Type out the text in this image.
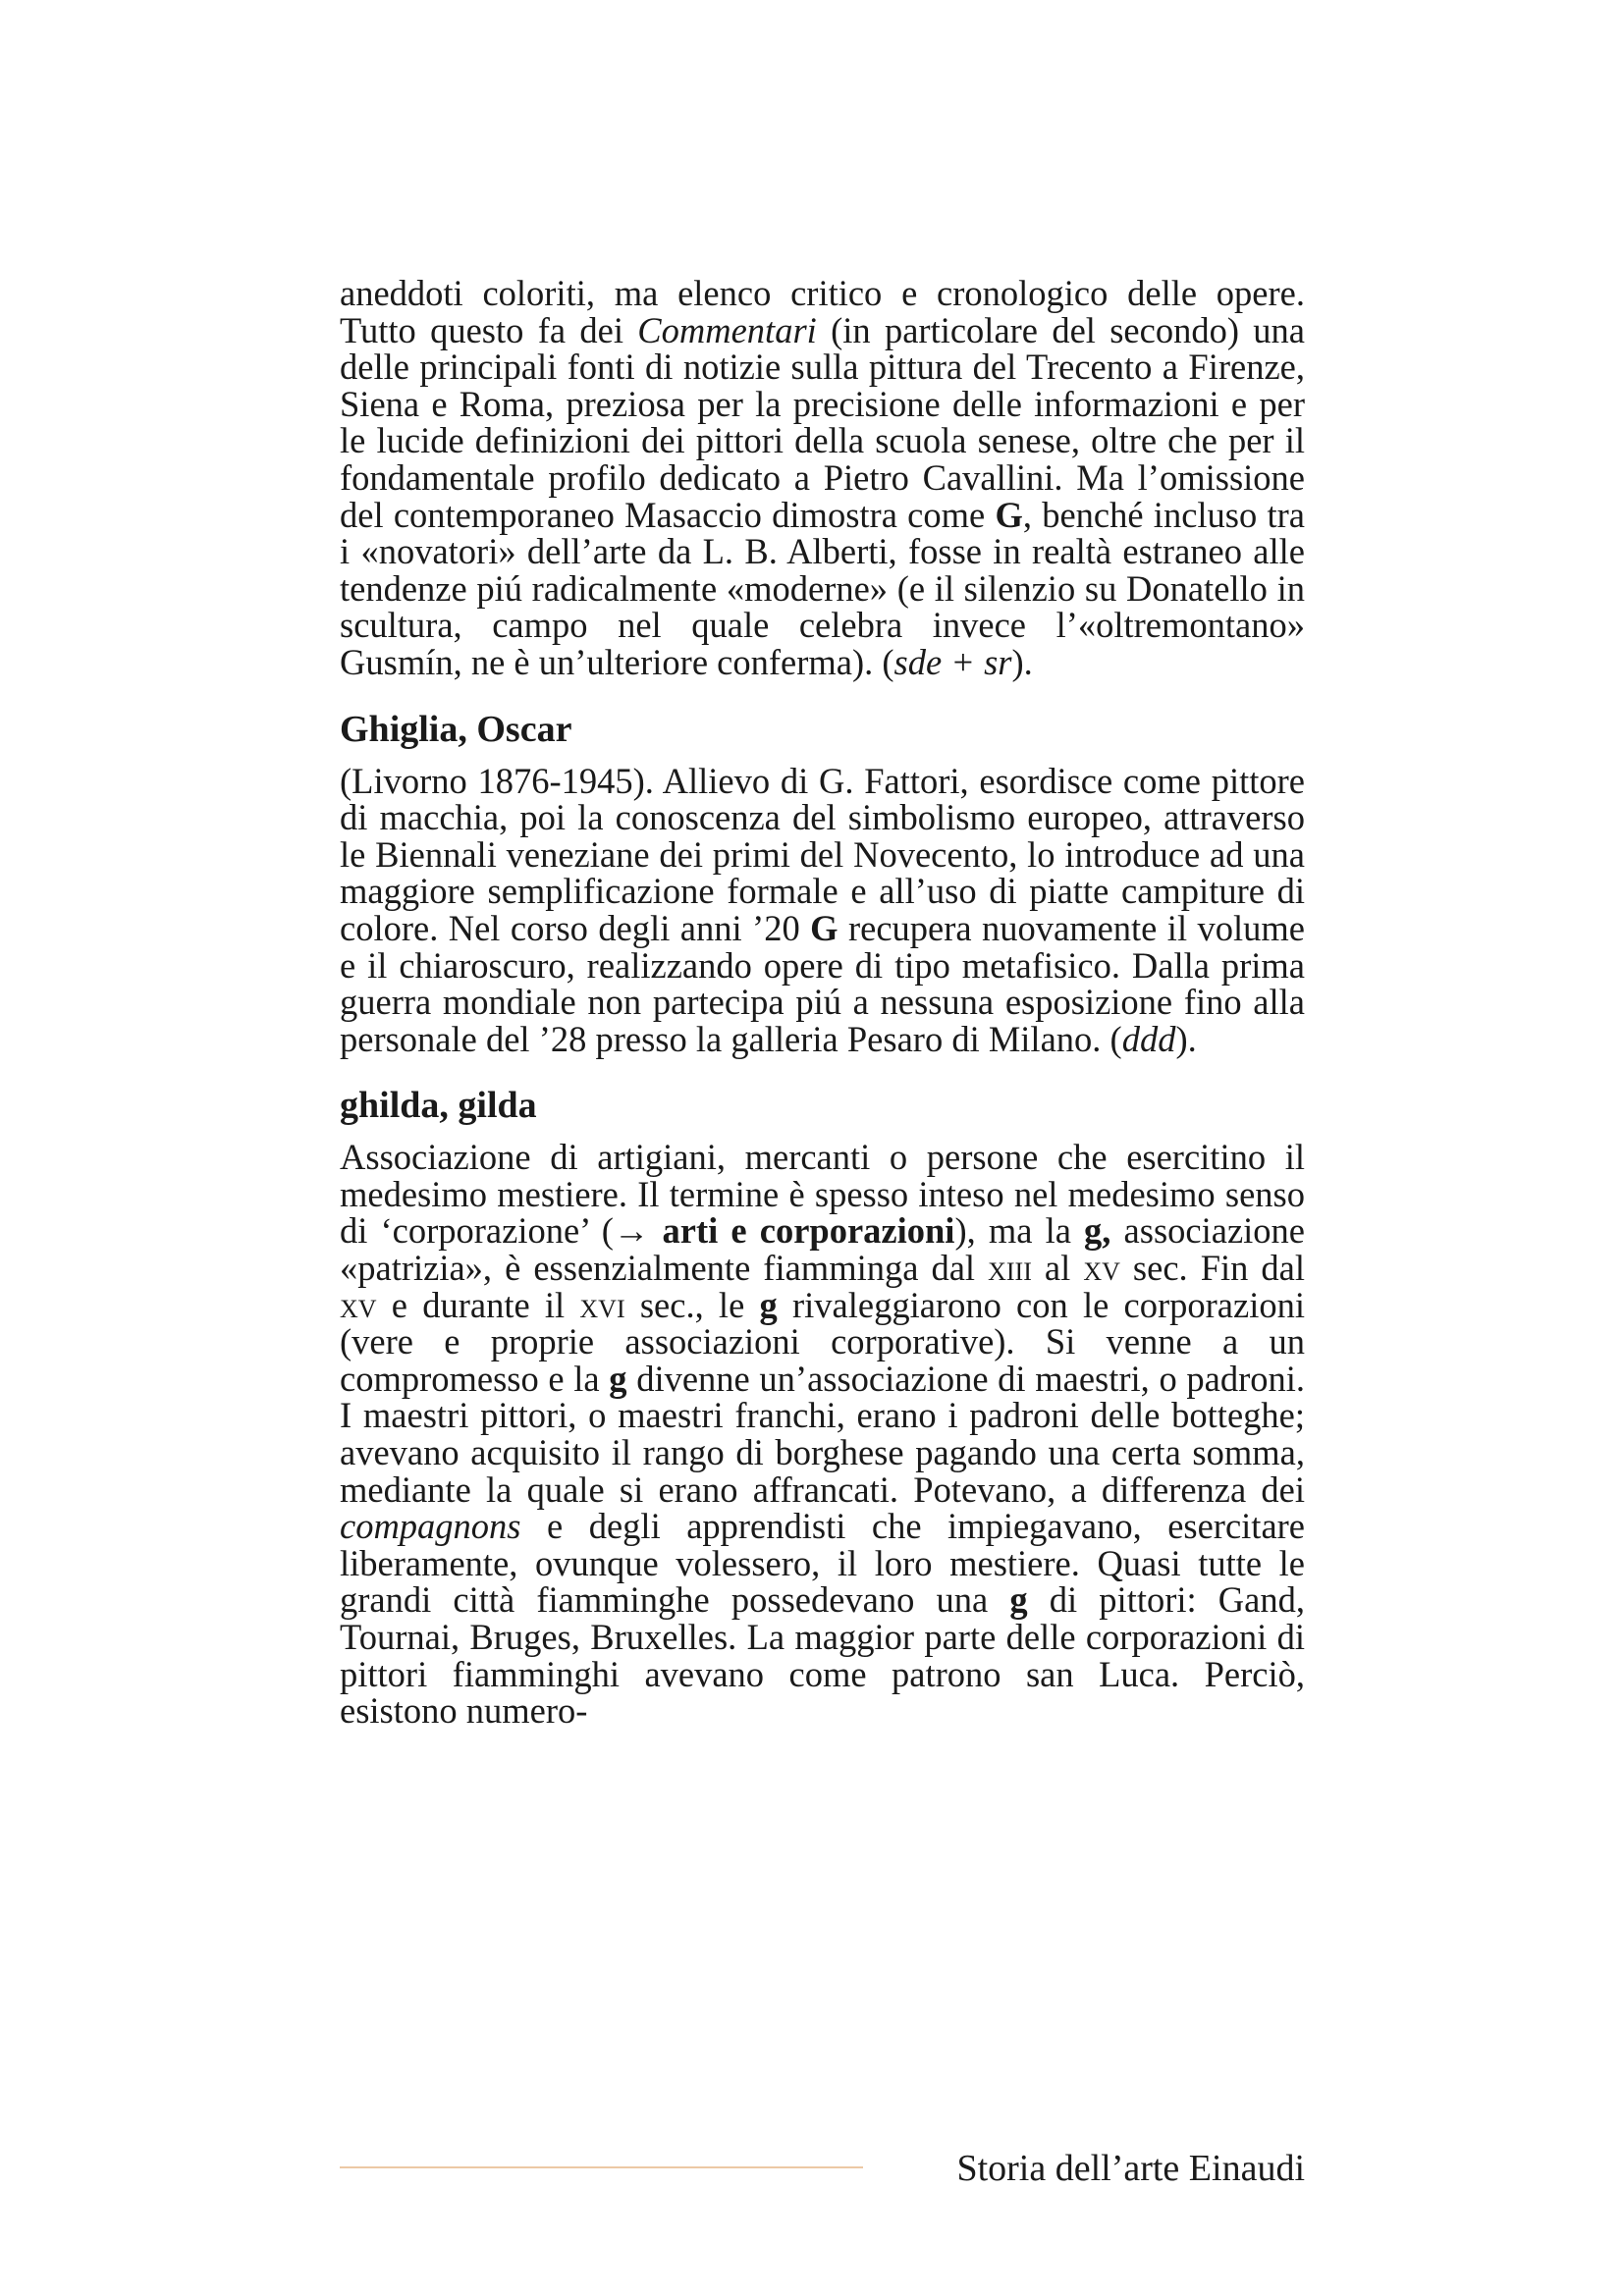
aneddoti coloriti, ma elenco critico e cronologico delle opere. Tutto questo fa dei Commentari (in particolare del secondo) una delle principali fonti di notizie sulla pittura del Trecento a Firenze, Siena e Roma, preziosa per la precisione delle informazioni e per le lucide definizioni dei pittori della scuola senese, oltre che per il fondamentale profilo dedicato a Pietro Cavallini. Ma l’omissione del contemporaneo Masaccio dimostra come G, benché incluso tra i «novatori» dell’arte da L. B. Alberti, fosse in realtà estraneo alle tendenze piú radicalmente «moderne» (e il silenzio su Donatello in scultura, campo nel quale celebra invece l’«oltremontano» Gusmín, ne è un’ulteriore conferma). (sde + sr).

Ghiglia, Oscar

(Livorno 1876-1945). Allievo di G. Fattori, esordisce come pittore di macchia, poi la conoscenza del simbolismo europeo, attraverso le Biennali veneziane dei primi del Novecento, lo introduce ad una maggiore semplificazione formale e all’uso di piatte campiture di colore. Nel corso degli anni ’20 G recupera nuovamente il volume e il chiaroscuro, realizzando opere di tipo metafisico. Dalla prima guerra mondiale non partecipa piú a nessuna esposizione fino alla personale del ’28 presso la galleria Pesaro di Milano. (ddd).

ghilda, gilda

Associazione di artigiani, mercanti o persone che esercitino il medesimo mestiere. Il termine è spesso inteso nel medesimo senso di ‘corporazione’ (→ arti e corporazioni), ma la g, associazione «patrizia», è essenzialmente fiamminga dal xiii al xv sec. Fin dal xv e durante il xvi sec., le g rivaleggiarono con le corporazioni (vere e proprie associazioni corporative). Si venne a un compromesso e la g divenne un’associazione di maestri, o padroni. I maestri pittori, o maestri franchi, erano i padroni delle botteghe; avevano acquisito il rango di borghese pagando una certa somma, mediante la quale si erano affrancati. Potevano, a differenza dei compagnons e degli apprendisti che impiegavano, esercitare liberamente, ovunque volessero, il loro mestiere. Quasi tutte le grandi città fiamminghe possedevano una g di pittori: Gand, Tournai, Bruges, Bruxelles. La maggior parte delle corporazioni di pittori fiamminghi avevano come patrono san Luca. Perciò, esistono numero-

Storia dell’arte Einaudi
